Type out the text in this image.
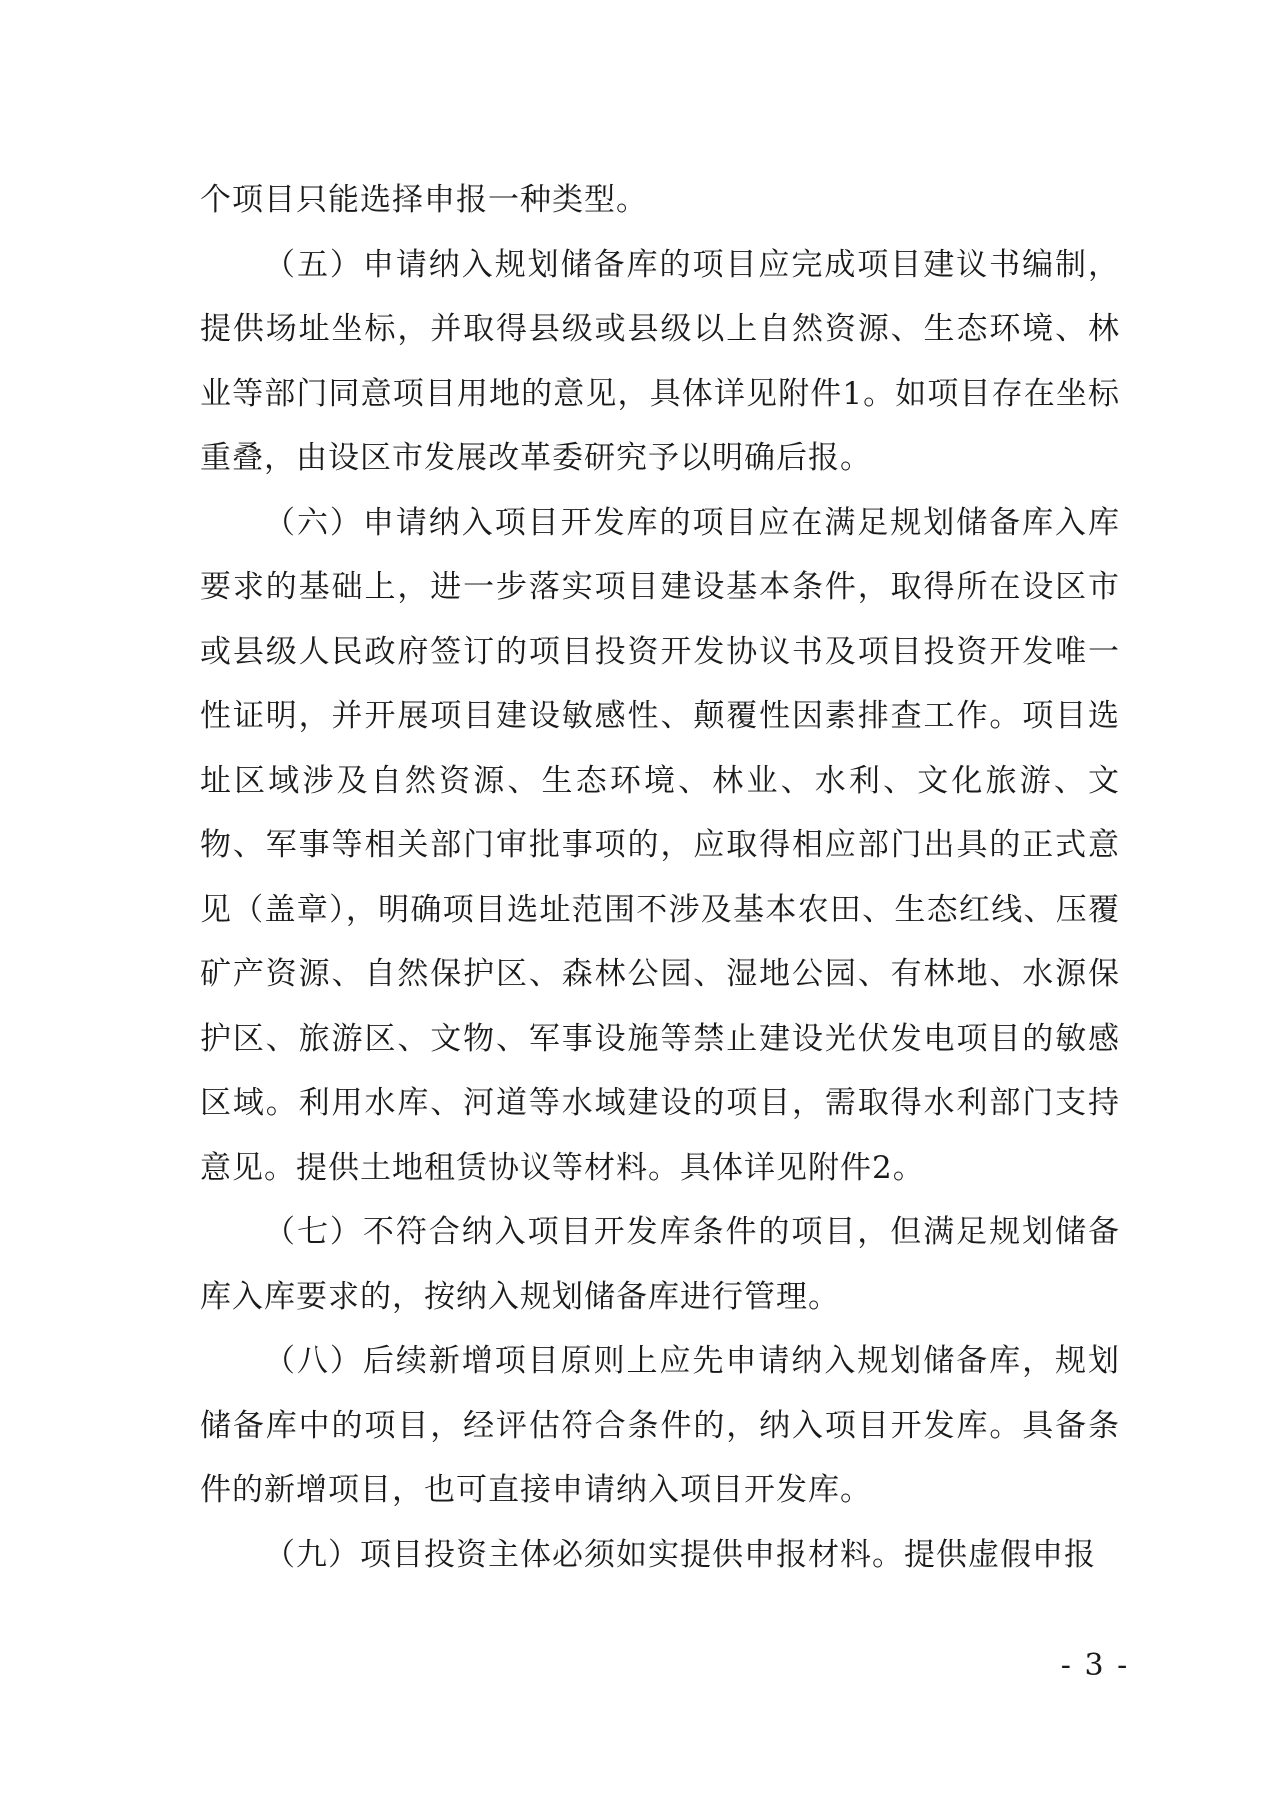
个项目只能选择申报一种类型。

（五）申请纳入规划储备库的项目应完成项目建议书编制，提供场址坐标，并取得县级或县级以上自然资源、生态环境、林业等部门同意项目用地的意见，具体详见附件1。如项目存在坐标重叠，由设区市发展改革委研究予以明确后报。

（六）申请纳入项目开发库的项目应在满足规划储备库入库要求的基础上，进一步落实项目建设基本条件，取得所在设区市或县级人民政府签订的项目投资开发协议书及项目投资开发唯一性证明，并开展项目建设敏感性、颠覆性因素排查工作。项目选址区域涉及自然资源、生态环境、林业、水利、文化旅游、文物、军事等相关部门审批事项的，应取得相应部门出具的正式意见（盖章），明确项目选址范围不涉及基本农田、生态红线、压覆矿产资源、自然保护区、森林公园、湿地公园、有林地、水源保护区、旅游区、文物、军事设施等禁止建设光伏发电项目的敏感区域。利用水库、河道等水域建设的项目，需取得水利部门支持意见。提供土地租赁协议等材料。具体详见附件2。

（七）不符合纳入项目开发库条件的项目，但满足规划储备库入库要求的，按纳入规划储备库进行管理。

（八）后续新增项目原则上应先申请纳入规划储备库，规划储备库中的项目，经评估符合条件的，纳入项目开发库。具备条件的新增项目，也可直接申请纳入项目开发库。

（九）项目投资主体必须如实提供申报材料。提供虚假申报

- 3 -
